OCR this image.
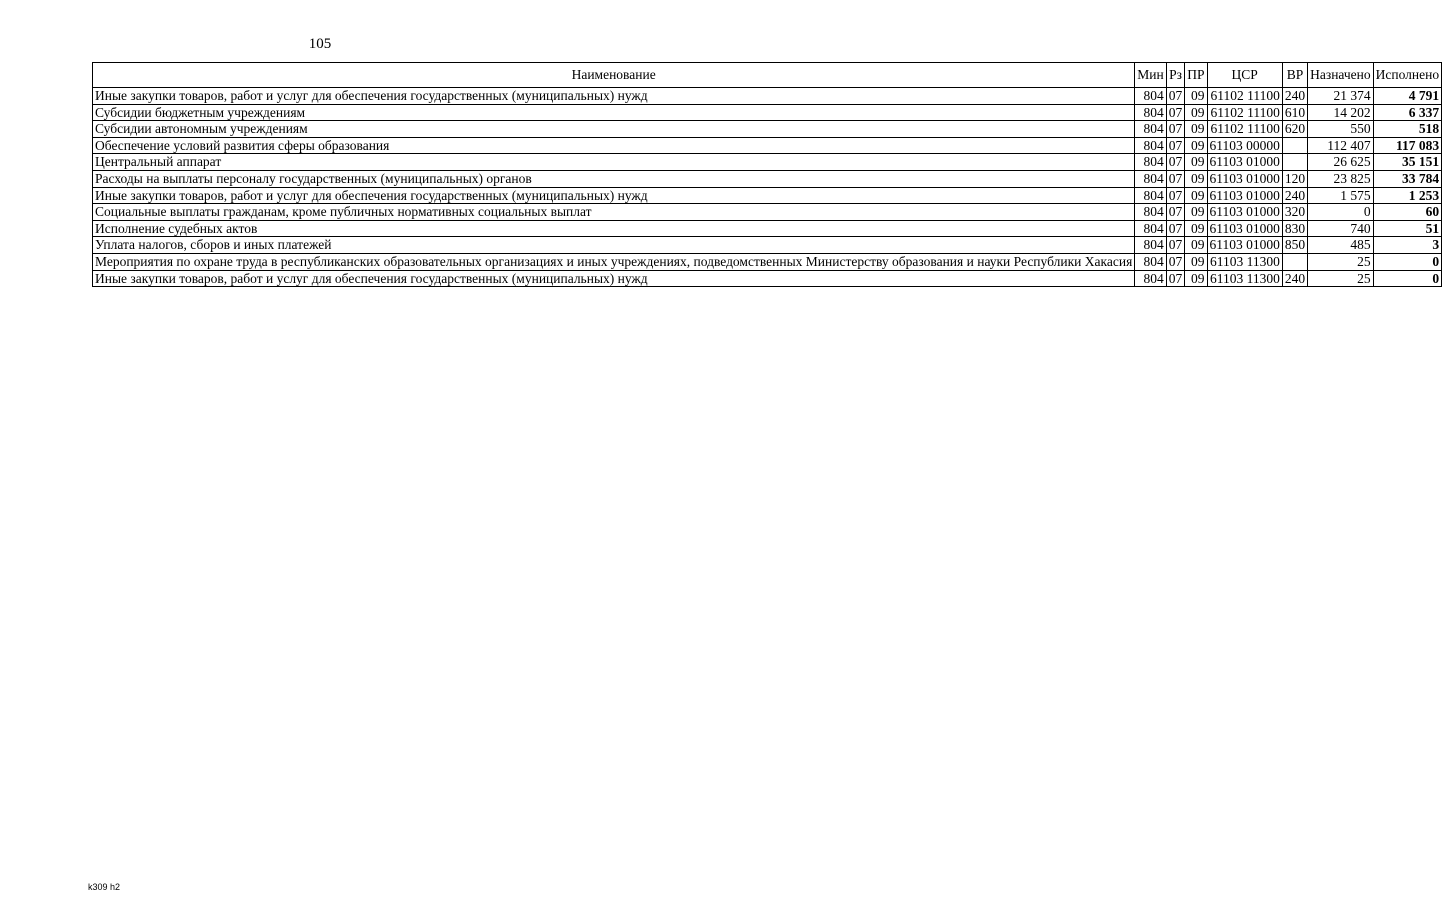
105
Наименование	Мин	Рз	ПР	ЦСР	ВР	Назначено	Исполнено
Иные закупки товаров, работ и услуг для обеспечения государственных (муниципальных) нужд	804	07	09	61102 11100	240	21 374	4 791
Субсидии бюджетным учреждениям	804	07	09	61102 11100	610	14 202	6 337
Субсидии автономным учреждениям	804	07	09	61102 11100	620	550	518
Обеспечение условий развития сферы образования	804	07	09	61103 00000		112 407	117 083
Центральный аппарат	804	07	09	61103 01000		26 625	35 151
Расходы на выплаты персоналу государственных (муниципальных) органов	804	07	09	61103 01000	120	23 825	33 784
Иные закупки товаров, работ и услуг для обеспечения государственных (муниципальных) нужд	804	07	09	61103 01000	240	1 575	1 253
Социальные выплаты гражданам, кроме публичных нормативных социальных выплат	804	07	09	61103 01000	320	0	60
Исполнение судебных актов	804	07	09	61103 01000	830	740	51
Уплата налогов, сборов и иных платежей	804	07	09	61103 01000	850	485	3
Мероприятия по охране труда в республиканских образовательных организациях и иных учреждениях, подведомственных Министерству образования и науки Республики Хакасия	804	07	09	61103 11300		25	0
Иные закупки товаров, работ и услуг для обеспечения государственных (муниципальных) нужд	804	07	09	61103 11300	240	25	0
k309 h2
